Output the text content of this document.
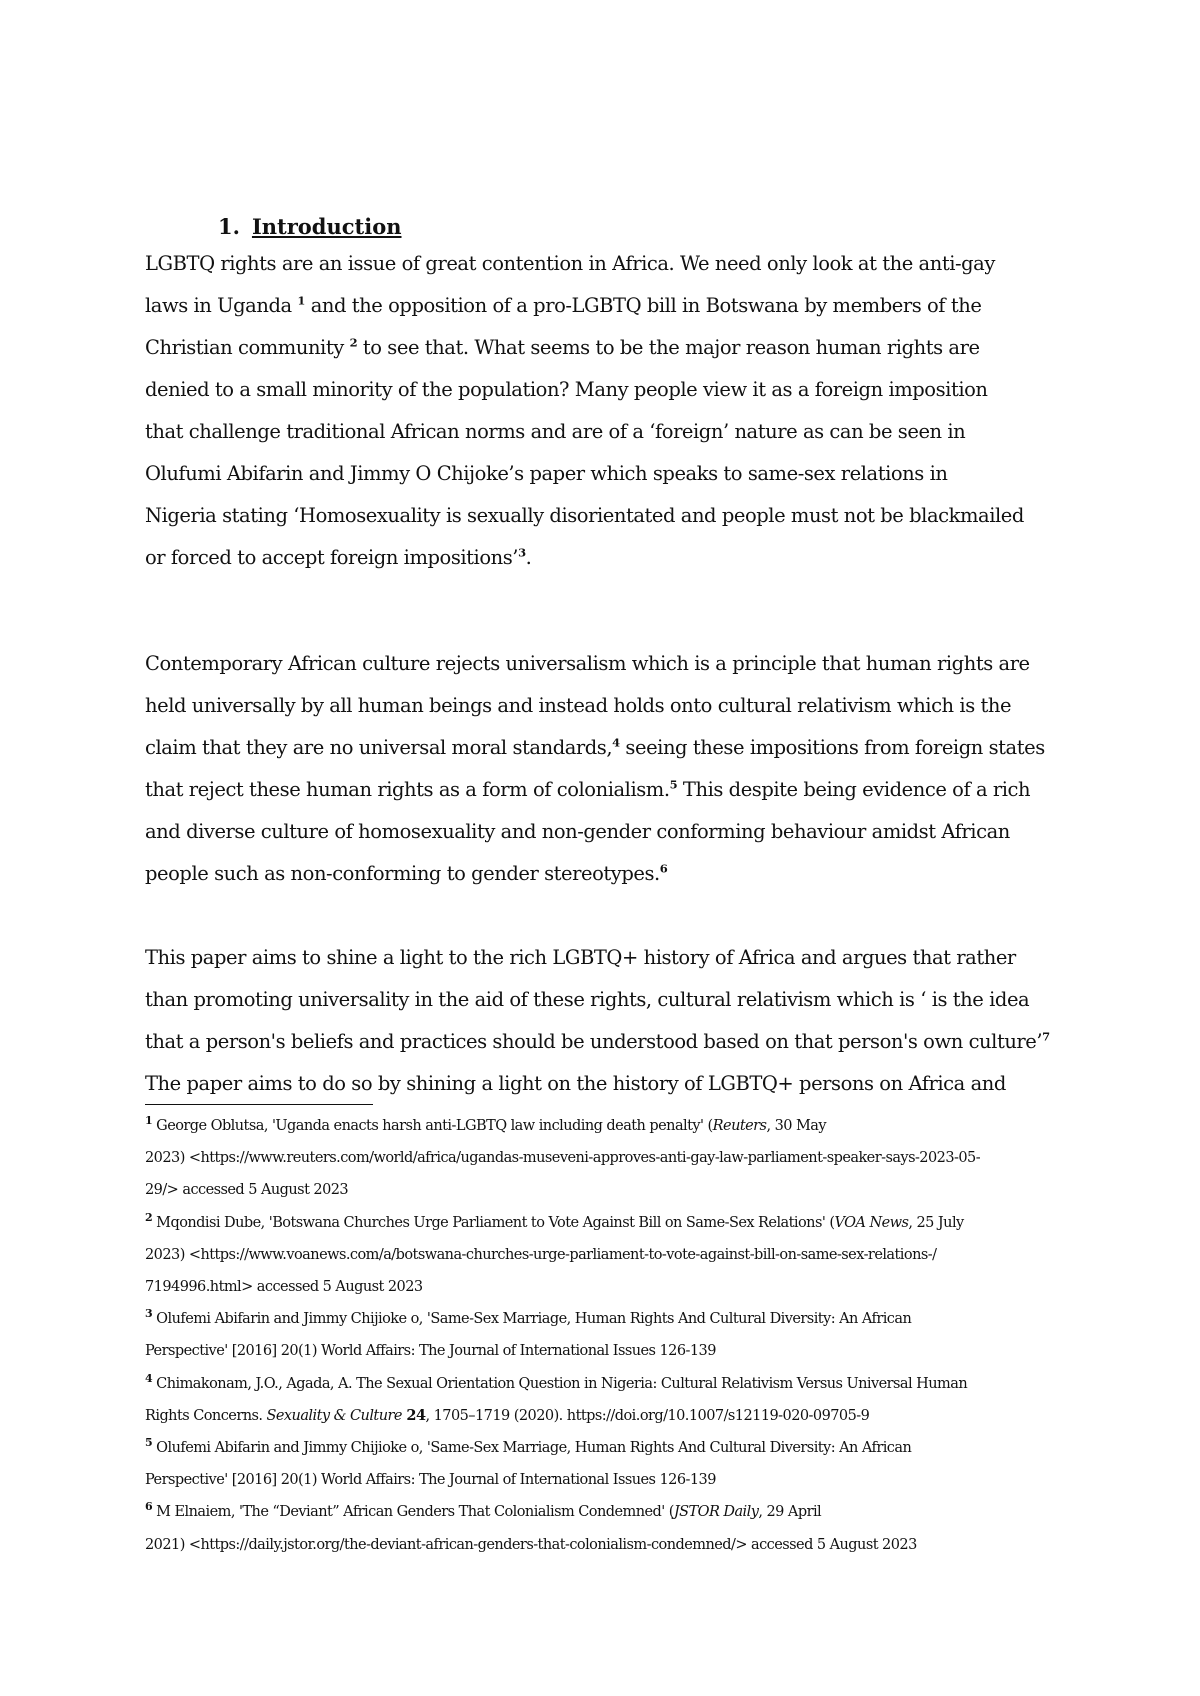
1. Introduction
LGBTQ rights are an issue of great contention in Africa. We need only look at the anti-gay
laws in Uganda $^1$ and the opposition of a pro-LGBTQ bill in Botswana by members of the
Christian community $^2$ to see that. What seems to be the major reason human rights are
denied to a small minority of the population? Many people view it as a foreign imposition
that challenge traditional African norms and are of a ‘foreign’ nature as can be seen in
Olufumi Abifarin and Jimmy O Chijoke’s paper which speaks to same-sex relations in
Nigeria stating ‘Homosexuality is sexually disorientated and people must not be blackmailed
or forced to accept foreign impositions’$^3$.
Contemporary African culture rejects universalism which is a principle that human rights are
held universally by all human beings and instead holds onto cultural relativism which is the
claim that they are no universal moral standards,$^4$ seeing these impositions from foreign states
that reject these human rights as a form of colonialism.$^5$ This despite being evidence of a rich
and diverse culture of homosexuality and non-gender conforming behaviour amidst African
people such as non-conforming to gender stereotypes.$^6$
This paper aims to shine a light to the rich LGBTQ+ history of Africa and argues that rather
than promoting universality in the aid of these rights, cultural relativism which is ‘ is the idea
that a person's beliefs and practices should be understood based on that person's own culture’$^7$
The paper aims to do so by shining a light on the history of LGBTQ+ persons on Africa and
$^1$ George Oblutsa, 'Uganda enacts harsh anti-LGBTQ law including death penalty' (Reuters, 30 May
2023) <https://www.reuters.com/world/africa/ugandas-museveni-approves-anti-gay-law-parliament-speaker-says-2023-05-
29/> accessed 5 August 2023
$^2$ Mqondisi Dube, 'Botswana Churches Urge Parliament to Vote Against Bill on Same-Sex Relations' (VOA News, 25 July
2023) <https://www.voanews.com/a/botswana-churches-urge-parliament-to-vote-against-bill-on-same-sex-relations-/
7194996.html> accessed 5 August 2023
$^3$ Olufemi Abifarin and Jimmy Chijioke o, 'Same-Sex Marriage, Human Rights And Cultural Diversity: An African
Perspective' [2016] 20(1) World Affairs: The Journal of International Issues 126-139
$^4$ Chimakonam, J.O., Agada, A. The Sexual Orientation Question in Nigeria: Cultural Relativism Versus Universal Human
Rights Concerns. Sexuality & Culture 24, 1705–1719 (2020). https://doi.org/10.1007/s12119-020-09705-9
$^5$ Olufemi Abifarin and Jimmy Chijioke o, 'Same-Sex Marriage, Human Rights And Cultural Diversity: An African
Perspective' [2016] 20(1) World Affairs: The Journal of International Issues 126-139
$^6$ M Elnaiem, 'The “Deviant” African Genders That Colonialism Condemned' (JSTOR Daily, 29 April
2021) <https://daily.jstor.org/the-deviant-african-genders-that-colonialism-condemned/> accessed 5 August 2023
